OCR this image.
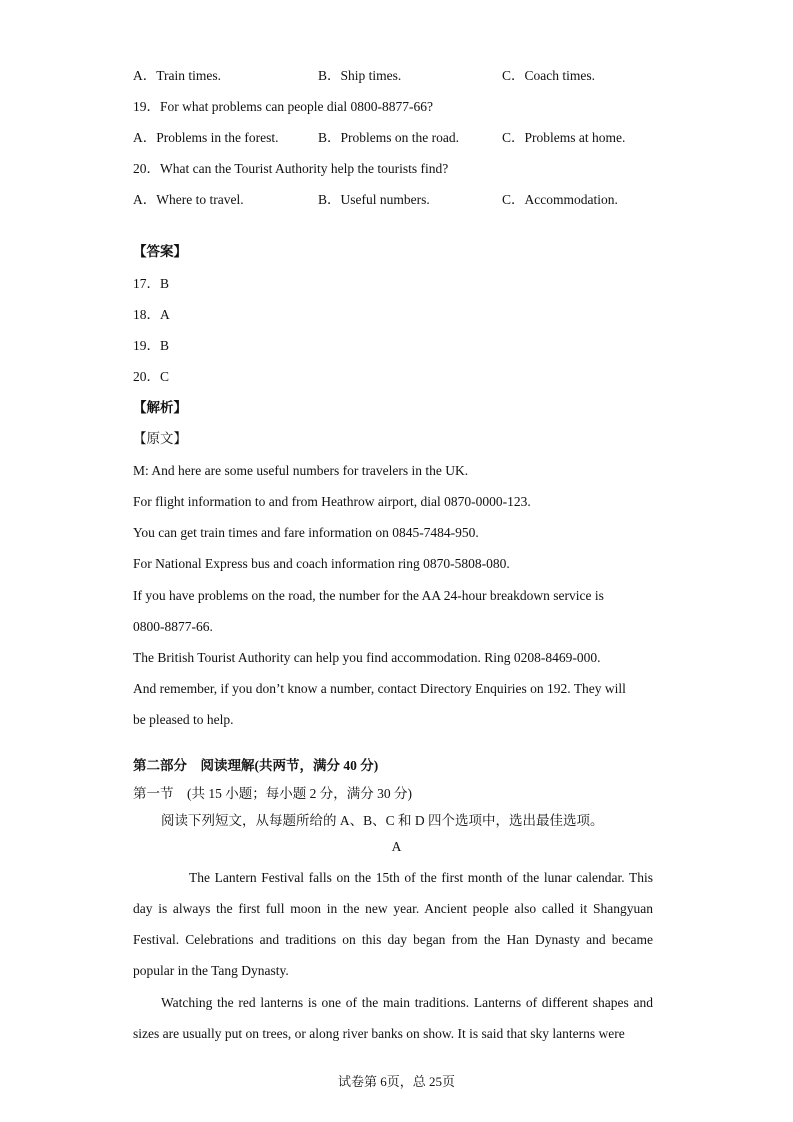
A．Train times.	B．Ship times.	C．Coach times.
19．For what problems can people dial 0800-8877-66?
A．Problems in the forest.	B．Problems on the road.	C．Problems at home.
20．What can the Tourist Authority help the tourists find?
A．Where to travel.	B．Useful numbers.	C．Accommodation.
【答案】
17．B
18．A
19．B
20．C
【解析】
【原文】
M: And here are some useful numbers for travelers in the UK.
For flight information to and from Heathrow airport, dial 0870-0000-123.
You can get train times and fare information on 0845-7484-950.
For National Express bus and coach information ring 0870-5808-080.
If you have problems on the road, the number for the AA 24-hour breakdown service is
0800-8877-66.
The British Tourist Authority can help you find accommodation. Ring 0208-8469-000.
And remember, if you don’t know a number, contact Directory Enquiries on 192. They will
be pleased to help.
第二部分　阅读理解(共两节，满分 40 分)
第一节　(共 15 小题；每小题 2 分，满分 30 分)
阅读下列短文，从每题所给的 A、B、C 和 D 四个选项中，选出最佳选项。
A
The Lantern Festival falls on the 15th of the first month of the lunar calendar. This day is always the first full moon in the new year. Ancient people also called it Shangyuan Festival. Celebrations and traditions on this day began from the Han Dynasty and became popular in the Tang Dynasty.
Watching the red lanterns is one of the main traditions. Lanterns of different shapes and sizes are usually put on trees, or along river banks on show. It is said that sky lanterns were
试卷第 6页，总 25页
